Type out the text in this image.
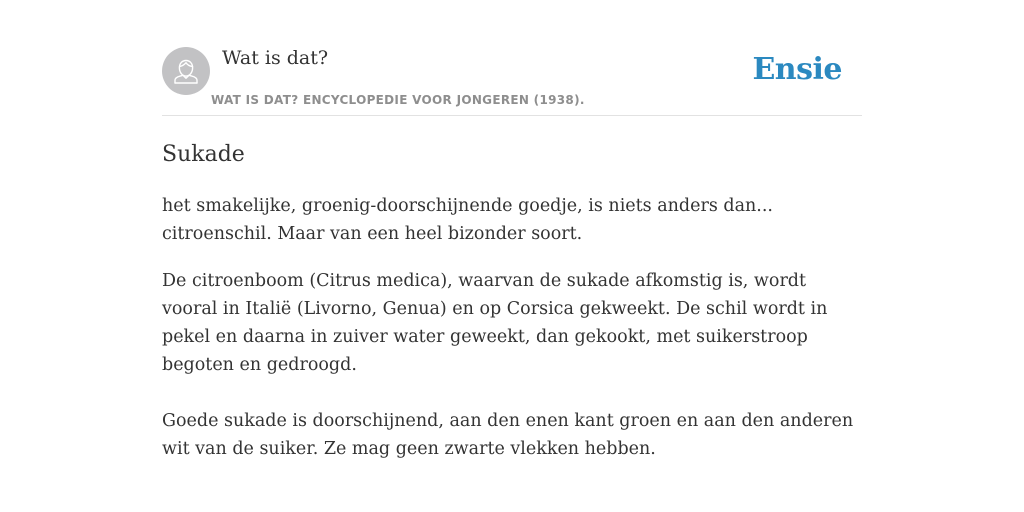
Wat is dat?
WAT IS DAT? ENCYCLOPEDIE VOOR JONGEREN (1938).
Ensie
Sukade

het smakelijke, groenig-doorschijnende goedje, is niets anders dan... citroenschil. Maar van een heel bizonder soort.

De citroenboom (Citrus medica), waarvan de sukade afkomstig is, wordt vooral in Italië (Livorno, Genua) en op Corsica gekweekt. De schil wordt in pekel en daarna in zuiver water geweekt, dan gekookt, met suikerstroop begoten en gedroogd.

Goede sukade is doorschijnend, aan den enen kant groen en aan den anderen wit van de suiker. Ze mag geen zwarte vlekken hebben.
